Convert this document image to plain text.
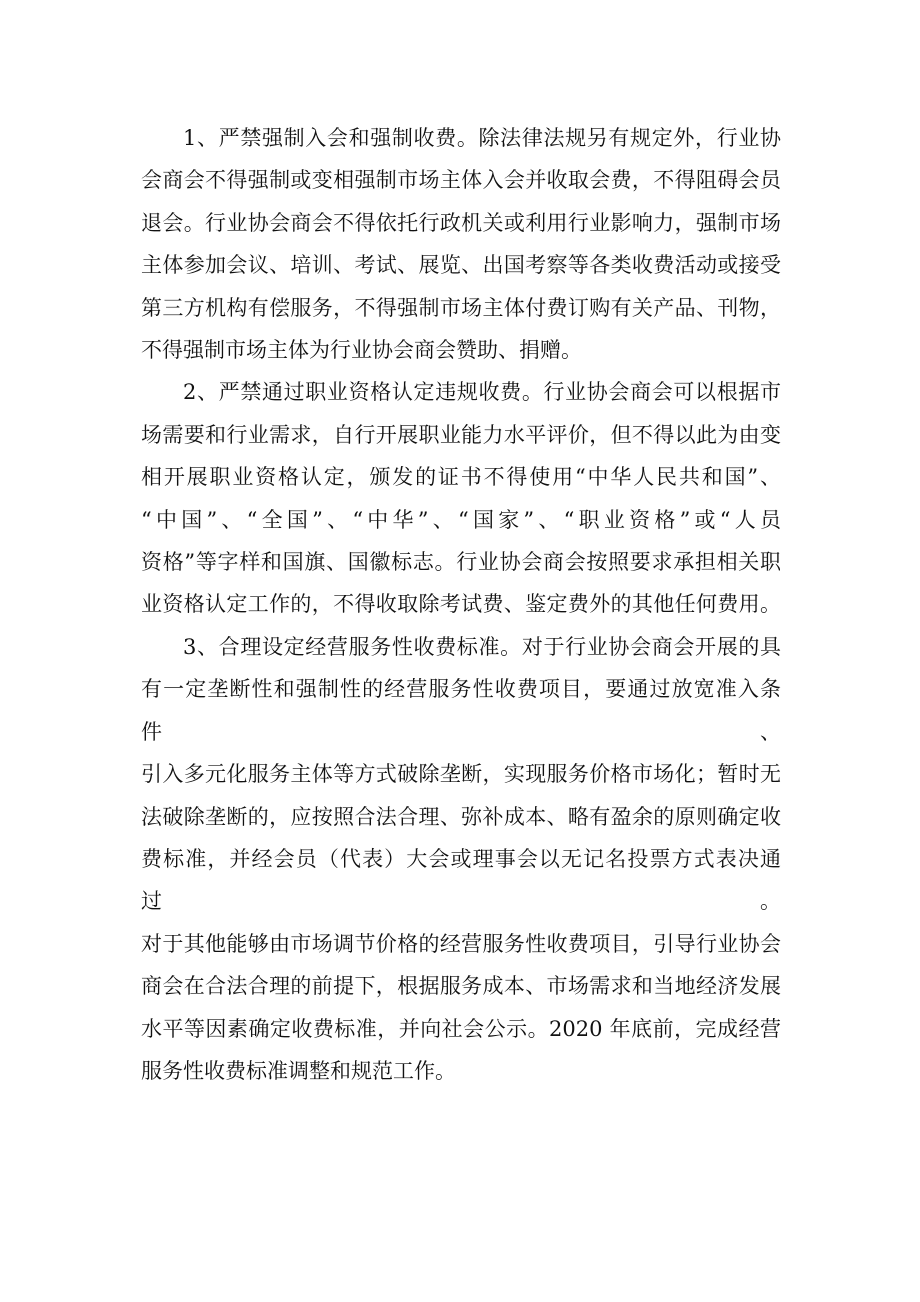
1、严禁强制入会和强制收费。除法律法规另有规定外，行业协
会商会不得强制或变相强制市场主体入会并收取会费，不得阻碍会员
退会。行业协会商会不得依托行政机关或利用行业影响力，强制市场
主体参加会议、培训、考试、展览、出国考察等各类收费活动或接受
第三方机构有偿服务，不得强制市场主体付费订购有关产品、刊物，
不得强制市场主体为行业协会商会赞助、捐赠。

2、严禁通过职业资格认定违规收费。行业协会商会可以根据市
场需要和行业需求，自行开展职业能力水平评价，但不得以此为由变
相开展职业资格认定，颁发的证书不得使用“中华人民共和国”、
“中国”、“全国”、“中华”、“国家”、“职业资格”或“人员
资格”等字样和国旗、国徽标志。行业协会商会按照要求承担相关职
业资格认定工作的，不得收取除考试费、鉴定费外的其他任何费用。

3、合理设定经营服务性收费标准。对于行业协会商会开展的具
有一定垄断性和强制性的经营服务性收费项目，要通过放宽准入条件、
引入多元化服务主体等方式破除垄断，实现服务价格市场化；暂时无
法破除垄断的，应按照合法合理、弥补成本、略有盈余的原则确定收
费标准，并经会员（代表）大会或理事会以无记名投票方式表决通过。
对于其他能够由市场调节价格的经营服务性收费项目，引导行业协会
商会在合法合理的前提下，根据服务成本、市场需求和当地经济发展
水平等因素确定收费标准，并向社会公示。2020 年底前，完成经营
服务性收费标准调整和规范工作。
